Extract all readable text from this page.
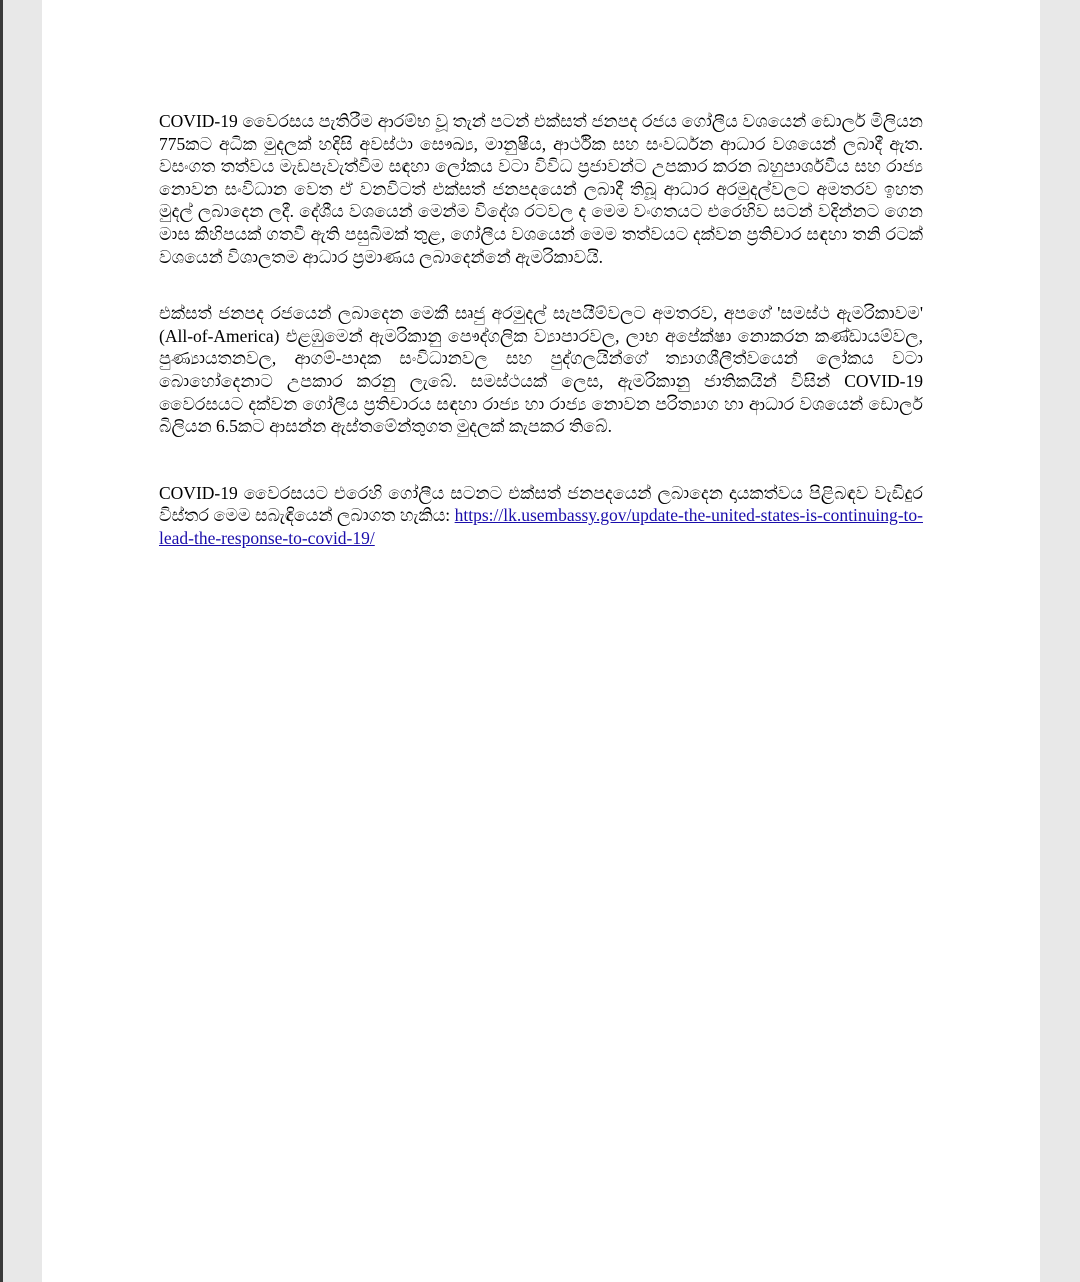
COVID-19 වෛරසය පැතිරීම ආරම්භ වූ තැන් පටන් එක්සත් ජනපද රජය ගෝලීය වශයෙන් ඩොලර් මිලියන 775කට අධික මුදලක් හදිසි අවස්ථා සෞඛ්‍ය, මානුෂීය, ආර්ථික සහ සංවර්ධන ආධාර වශයෙන් ලබාදී ඇත. වසංගත තත්වය මැඩපැවැත්වීම සඳහා ලෝකය වටා විවිධ ප්‍රජාවන්ට උපකාර කරන බහුපාර්ශවීය සහ රාජ්‍ය නොවන සංවිධාන වෙත ඒ වනවිටත් එක්සත් ජනපදයෙන් ලබාදී තිබූ ආධාර අරමුදල්වලට අමතරව ඉහත මුදල් ලබාදෙන ලදී. දේශීය වශයෙන් මෙන්ම විදේශ රටවල ද මෙම වංගතයට එරෙහිව සටන් වදින්නට ගෙන මාස කිහිපයක් ගතවී ඇති පසුබිමක් තුළ, ගෝලීය වශයෙන් මෙම තත්වයට දක්වන ප්‍රතිචාර සඳහා තනි රටක් වශයෙන් විශාලතම ආධාර ප්‍රමාණය ලබාදෙන්නේ ඇමරිකාවයි.

එක්සත් ජනපද රජයෙන් ලබාදෙන මෙකී සෘජු අරමුදල් සැපයීම්වලට අමතරව, අපගේ 'සමස්ථ ඇමරිකාවම' (All-of-America) එළඹුමෙන් ඇමරිකානු පෞද්ගලික ව්‍යාපාරවල, ලාභ අපේක්ෂා නොකරන කණ්ඩායම්වල, පුණ්‍යායතනවල, ආගම්-පාදක සංවිධානවල සහ පුද්ගලයින්ගේ ත්‍යාගශීලීත්වයෙන් ලෝකය වටා බොහෝදෙනාට උපකාර කරනු ලැබේ. සමස්ථයක් ලෙස, ඇමරිකානු ජාතිකයින් විසින් COVID-19 වෛරසයට දක්වන ගෝලීය ප්‍රතිචාරය සඳහා රාජ්‍ය හා රාජ්‍ය නොවන පරිත්‍යාග හා ආධාර වශයෙන් ඩොලර් බිලියන 6.5කට ආසන්න ඇස්තමේන්තුගත මුදලක් කැපකර තිබේ.

COVID-19 වෛරසයට එරෙහි ගෝලීය සටනට එක්සත් ජනපදයෙන් ලබාදෙන දායකත්වය පිළිබඳව වැඩිදුර විස්තර මෙම සබැඳියෙන් ලබාගත හැකිය: https://lk.usembassy.gov/update-the-united-states-is-continuing-to-lead-the-response-to-covid-19/
